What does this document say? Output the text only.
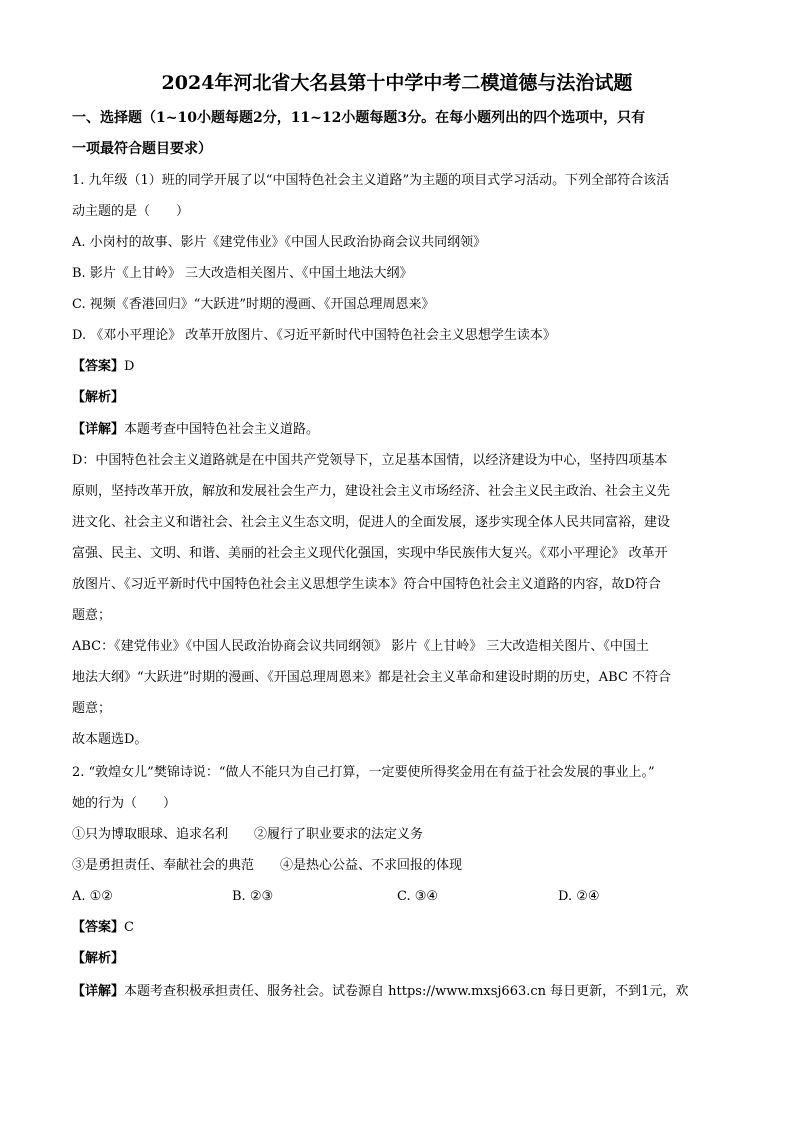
2024年河北省大名县第十中学中考二模道德与法治试题
一、选择题（1~10小题每题2分，11~12小题每题3分。在每小题列出的四个选项中，只有
一项最符合题目要求）
1. 九年级（1）班的同学开展了以“中国特色社会主义道路”为主题的项目式学习活动。下列全部符合该活
动主题的是（　　）
A. 小岗村的故事、影片《建党伟业》《中国人民政治协商会议共同纲领》
B. 影片《上甘岭》 三大改造相关图片、《中国土地法大纲》
C. 视频《香港回归》“大跃进”时期的漫画、《开国总理周恩来》
D. 《邓小平理论》 改革开放图片、《习近平新时代中国特色社会主义思想学生读本》
【答案】D
【解析】
【详解】本题考查中国特色社会主义道路。
D：中国特色社会主义道路就是在中国共产党领导下，立足基本国情，以经济建设为中心，坚持四项基本
原则，坚持改革开放，解放和发展社会生产力，建设社会主义市场经济、社会主义民主政治、社会主义先
进文化、社会主义和谐社会、社会主义生态文明，促进人的全面发展，逐步实现全体人民共同富裕，建设
富强、民主、文明、和谐、美丽的社会主义现代化强国，实现中华民族伟大复兴。《邓小平理论》 改革开
放图片、《习近平新时代中国特色社会主义思想学生读本》符合中国特色社会主义道路的内容，故D符合
题意；
ABC：《建党伟业》《中国人民政治协商会议共同纲领》 影片《上甘岭》 三大改造相关图片、《中国土
地法大纲》“大跃进”时期的漫画、《开国总理周恩来》都是社会主义革命和建设时期的历史，ABC 不符合
题意；
故本题选D。
2. “敦煌女儿”樊锦诗说：“做人不能只为自己打算，一定要使所得奖金用在有益于社会发展的事业上。”
她的行为（　　）
①只为博取眼球、追求名利　　②履行了职业要求的法定义务
③是勇担责任、奉献社会的典范　　④是热心公益、不求回报的体现
A. ①②	B. ②③	C. ③④	D. ②④
【答案】C
【解析】
【详解】本题考查积极承担责任、服务社会。试卷源自 https://www.mxsj663.cn 每日更新，不到1元，欢
